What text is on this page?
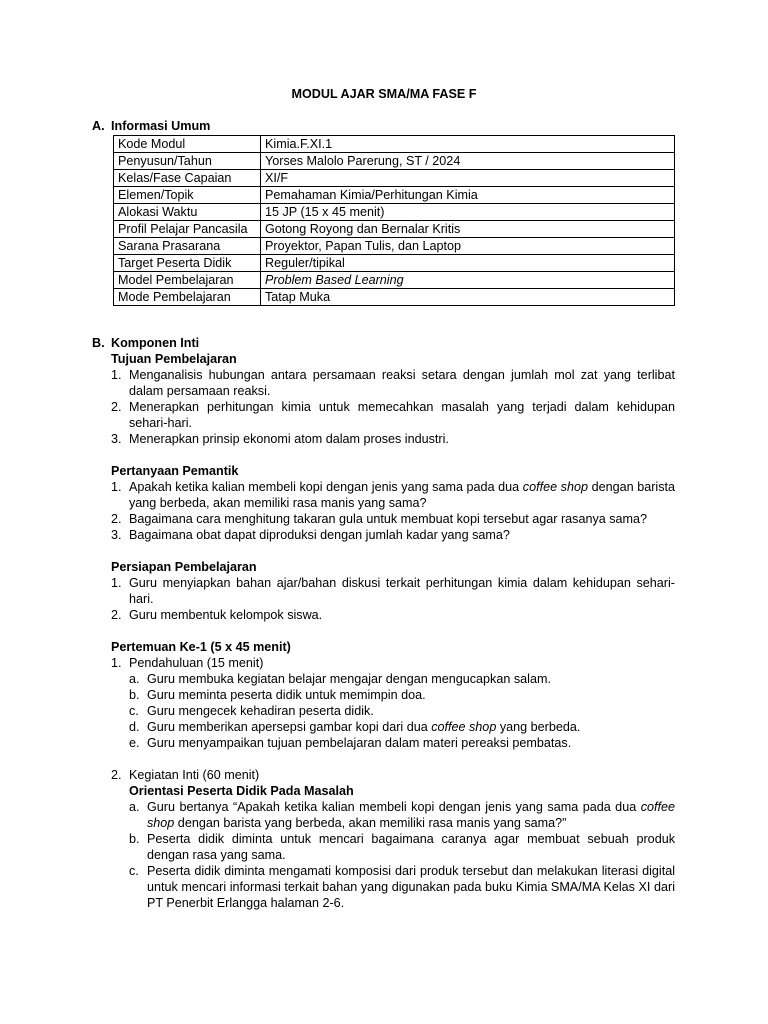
MODUL AJAR SMA/MA FASE F
A. Informasi Umum
Kode Modul	Kimia.F.XI.1
Penyusun/Tahun	Yorses Malolo Parerung, ST / 2024
Kelas/Fase Capaian	XI/F
Elemen/Topik	Pemahaman Kimia/Perhitungan Kimia
Alokasi Waktu	15 JP (15 x 45 menit)
Profil Pelajar Pancasila	Gotong Royong dan Bernalar Kritis
Sarana Prasarana	Proyektor, Papan Tulis, dan Laptop
Target Peserta Didik	Reguler/tipikal
Model Pembelajaran	Problem Based Learning
Mode Pembelajaran	Tatap Muka
B. Komponen Inti
Tujuan Pembelajaran
1. Menganalisis hubungan antara persamaan reaksi setara dengan jumlah mol zat yang terlibat dalam persamaan reaksi.
2. Menerapkan perhitungan kimia untuk memecahkan masalah yang terjadi dalam kehidupan sehari-hari.
3. Menerapkan prinsip ekonomi atom dalam proses industri.
Pertanyaan Pemantik
1. Apakah ketika kalian membeli kopi dengan jenis yang sama pada dua coffee shop dengan barista yang berbeda, akan memiliki rasa manis yang sama?
2. Bagaimana cara menghitung takaran gula untuk membuat kopi tersebut agar rasanya sama?
3. Bagaimana obat dapat diproduksi dengan jumlah kadar yang sama?
Persiapan Pembelajaran
1. Guru menyiapkan bahan ajar/bahan diskusi terkait perhitungan kimia dalam kehidupan sehari-hari.
2. Guru membentuk kelompok siswa.
Pertemuan Ke-1 (5 x 45 menit)
1. Pendahuluan (15 menit)
a. Guru membuka kegiatan belajar mengajar dengan mengucapkan salam.
b. Guru meminta peserta didik untuk memimpin doa.
c. Guru mengecek kehadiran peserta didik.
d. Guru memberikan apersepsi gambar kopi dari dua coffee shop yang berbeda.
e. Guru menyampaikan tujuan pembelajaran dalam materi pereaksi pembatas.
2. Kegiatan Inti (60 menit)
Orientasi Peserta Didik Pada Masalah
a. Guru bertanya “Apakah ketika kalian membeli kopi dengan jenis yang sama pada dua coffee shop dengan barista yang berbeda, akan memiliki rasa manis yang sama?”
b. Peserta didik diminta untuk mencari bagaimana caranya agar membuat sebuah produk dengan rasa yang sama.
c. Peserta didik diminta mengamati komposisi dari produk tersebut dan melakukan literasi digital untuk mencari informasi terkait bahan yang digunakan pada buku Kimia SMA/MA Kelas XI dari PT Penerbit Erlangga halaman 2-6.
